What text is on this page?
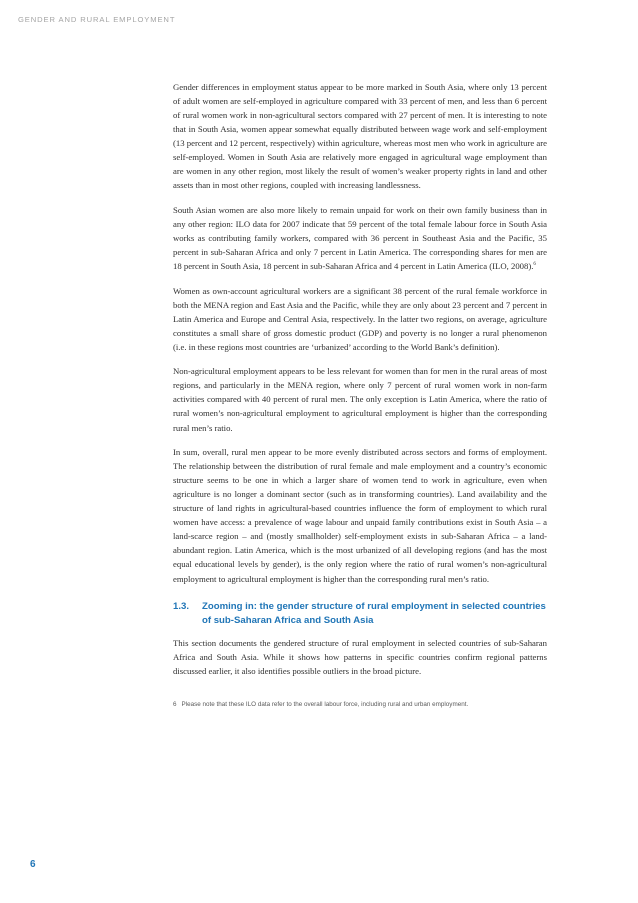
GENDER AND RURAL EMPLOYMENT

Gender differences in employment status appear to be more marked in South Asia, where only 13 percent of adult women are self-employed in agriculture compared with 33 percent of men, and less than 6 percent of rural women work in non-agricultural sectors compared with 27 percent of men. It is interesting to note that in South Asia, women appear somewhat equally distributed between wage work and self-employment (13 percent and 12 percent, respectively) within agriculture, whereas most men who work in agriculture are self-employed. Women in South Asia are relatively more engaged in agricultural wage employment than are women in any other region, most likely the result of women’s weaker property rights in land and other assets than in most other regions, coupled with increasing landlessness.

South Asian women are also more likely to remain unpaid for work on their own family business than in any other region: ILO data for 2007 indicate that 59 percent of the total female labour force in South Asia works as contributing family workers, compared with 36 percent in Southeast Asia and the Pacific, 35 percent in sub-Saharan Africa and only 7 percent in Latin America. The corresponding shares for men are 18 percent in South Asia, 18 percent in sub-Saharan Africa and 4 percent in Latin America (ILO, 2008).$^6$

Women as own-account agricultural workers are a significant 38 percent of the rural female workforce in both the MENA region and East Asia and the Pacific, while they are only about 23 percent and 7 percent in Latin America and Europe and Central Asia, respectively. In the latter two regions, on average, agriculture constitutes a small share of gross domestic product (GDP) and poverty is no longer a rural phenomenon (i.e. in these regions most countries are ‘urbanized’ according to the World Bank’s definition).

Non-agricultural employment appears to be less relevant for women than for men in the rural areas of most regions, and particularly in the MENA region, where only 7 percent of rural women work in non-farm activities compared with 40 percent of rural men. The only exception is Latin America, where the ratio of rural women’s non-agricultural employment to agricultural employment is higher than the corresponding rural men’s ratio.

In sum, overall, rural men appear to be more evenly distributed across sectors and forms of employment. The relationship between the distribution of rural female and male employment and a country’s economic structure seems to be one in which a larger share of women tend to work in agriculture, even when agriculture is no longer a dominant sector (such as in transforming countries). Land availability and the structure of land rights in agricultural-based countries influence the form of employment to which rural women have access: a prevalence of wage labour and unpaid family contributions exist in South Asia – a land-scarce region – and (mostly smallholder) self-employment exists in sub-Saharan Africa – a land-abundant region. Latin America, which is the most urbanized of all developing regions (and has the most equal educational levels by gender), is the only region where the ratio of rural women’s non-agricultural employment to agricultural employment is higher than the corresponding rural men’s ratio.

1.3.	Zooming in: the gender structure of rural employment in selected countries of sub-Saharan Africa and South Asia

This section documents the gendered structure of rural employment in selected countries of sub-Saharan Africa and South Asia. While it shows how patterns in specific countries confirm regional patterns discussed earlier, it also identifies possible outliers in the broad picture.

6 Please note that these ILO data refer to the overall labour force, including rural and urban employment.
6
